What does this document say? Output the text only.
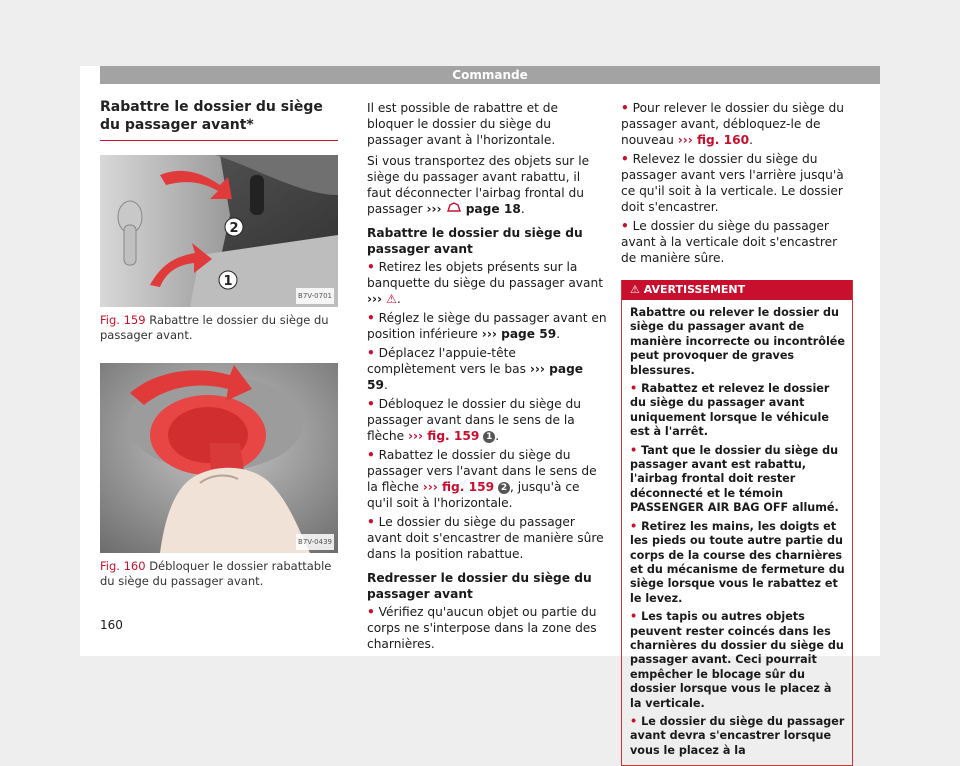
Commande
Rabattre le dossier du siège du passager avant*
2
1
B7V-0701
Fig. 159 Rabattre le dossier du siège du passager avant.
B7V-0439
Fig. 160 Débloquer le dossier rabattable du siège du passager avant.

Il est possible de rabattre et de bloquer le dossier du siège du passager avant à l'horizontale.

Si vous transportez des objets sur le siège du passager avant rabattu, il faut déconnecter l'airbag frontal du passager ›››  page 18.

Rabattre le dossier du siège du passager avant
• Retirez les objets présents sur la banquette du siège du passager avant ››› ⚠.
• Réglez le siège du passager avant en position inférieure ››› page 59.
• Déplacez l'appuie-tête complètement vers le bas ››› page 59.
• Débloquez le dossier du siège du passager avant dans le sens de la flèche ››› fig. 159 1 .
• Rabattez le dossier du siège du passager vers l'avant dans le sens de la flèche ››› fig. 159 2 , jusqu'à ce qu'il soit à l'horizontale.
• Le dossier du siège du passager avant doit s'encastrer de manière sûre dans la position rabattue.
Redresser le dossier du siège du passager avant
• Vérifiez qu'aucun objet ou partie du corps ne s'interpose dans la zone des charnières.
• Pour relever le dossier du siège du passager avant, débloquez-le de nouveau ››› fig. 160.
• Relevez le dossier du siège du passager avant vers l'arrière jusqu'à ce qu'il soit à la verticale. Le dossier doit s'encastrer.
• Le dossier du siège du passager avant à la verticale doit s'encastrer de manière sûre.
⚠ AVERTISSEMENT

Rabattre ou relever le dossier du siège du passager avant de manière incorrecte ou incontrôlée peut provoquer de graves blessures.

• Rabattez et relevez le dossier du siège du passager avant uniquement lorsque le véhicule est à l'arrêt.

• Tant que le dossier du siège du passager avant est rabattu, l'airbag frontal doit rester déconnecté et le témoin PASSENGER AIR BAG OFF allumé.

• Retirez les mains, les doigts et les pieds ou toute autre partie du corps de la course des charnières et du mécanisme de fermeture du siège lorsque vous le rabattez et le levez.

• Les tapis ou autres objets peuvent rester coincés dans les charnières du dossier du siège du passager avant. Ceci pourrait empêcher le blocage sûr du dossier lorsque vous le placez à la verticale.

• Le dossier du siège du passager avant devra s'encastrer lorsque vous le placez à la

160
